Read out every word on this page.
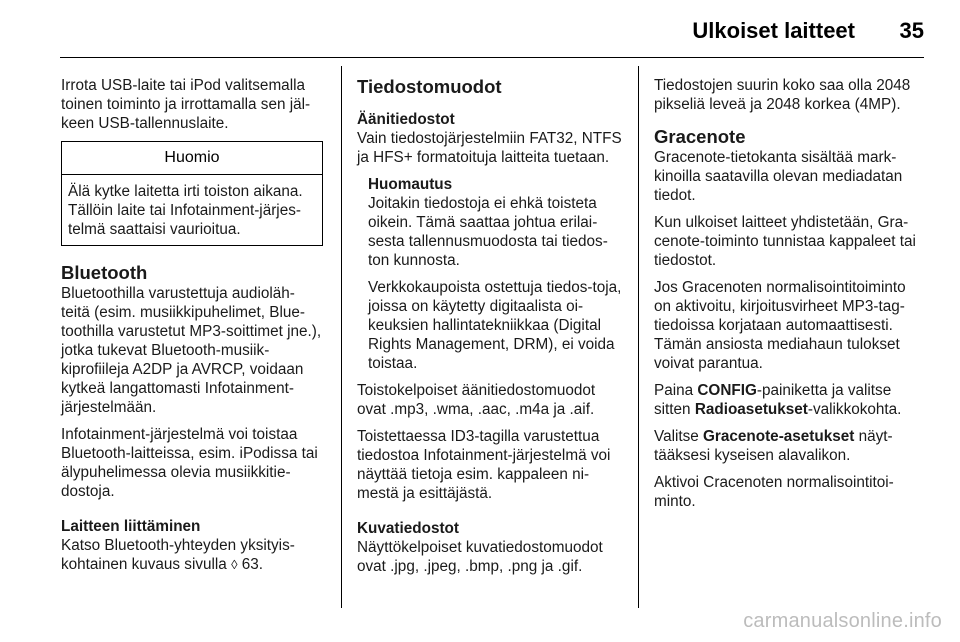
Ulkoiset laitteet	35

Irrota USB-laite tai iPod valitsemalla toinen toiminto ja irrottamalla sen jäl-keen USB-tallennuslaite.

Huomio

Älä kytke laitetta irti toiston aikana. Tällöin laite tai Infotainment-järjes-telmä saattaisi vaurioitua.

Bluetooth

Bluetoothilla varustettuja audioläh-teitä (esim. musiikkipuhelimet, Blue-toothilla varustetut MP3-soittimet jne.), jotka tukevat Bluetooth-musiik-kiprofiileja A2DP ja AVRCP, voidaan kytkeä langattomasti Infotainment-järjestelmään.

Infotainment-järjestelmä voi toistaa Bluetooth-laitteissa, esim. iPodissa tai älypuhelimessa olevia musiikkitie-dostoja.

Laitteen liittäminen

Katso Bluetooth-yhteyden yksityis-kohtainen kuvaus sivulla ◊ 63.

Tiedostomuodot
Äänitiedostot

Vain tiedostojärjestelmiin FAT32, NTFS ja HFS+ formatoituja laitteita tuetaan.

Huomautus

Joitakin tiedostoja ei ehkä toisteta oikein. Tämä saattaa johtua erilai-sesta tallennusmuodosta tai tiedos-ton kunnosta.

Verkkokaupoista ostettuja tiedos-toja, joissa on käytetty digitaalista oi-keuksien hallintatekniikkaa (Digital Rights Management, DRM), ei voida toistaa.

Toistokelpoiset äänitiedostomuodot ovat .mp3, .wma, .aac, .m4a ja .aif.

Toistettaessa ID3-tagilla varustettua tiedostoa Infotainment-järjestelmä voi näyttää tietoja esim. kappaleen ni-mestä ja esittäjästä.

Kuvatiedostot

Näyttökelpoiset kuvatiedostomuodot ovat .jpg, .jpeg, .bmp, .png ja .gif.

Tiedostojen suurin koko saa olla 2048 pikseliä leveä ja 2048 korkea (4MP).

Gracenote

Gracenote-tietokanta sisältää mark-kinoilla saatavilla olevan mediadatan tiedot.

Kun ulkoiset laitteet yhdistetään, Gra-cenote-toiminto tunnistaa kappaleet tai tiedostot.

Jos Gracenoten normalisointitoiminto on aktivoitu, kirjoitusvirheet MP3-tag-tiedoissa korjataan automaattisesti. Tämän ansiosta mediahaun tulokset voivat parantua.

Paina CONFIG-painiketta ja valitse sitten Radioasetukset-valikkokohta.

Valitse Gracenote-asetukset näyt-tääksesi kyseisen alavalikon.

Aktivoi Cracenoten normalisointitoi-minto.

carmanualsonline.info
